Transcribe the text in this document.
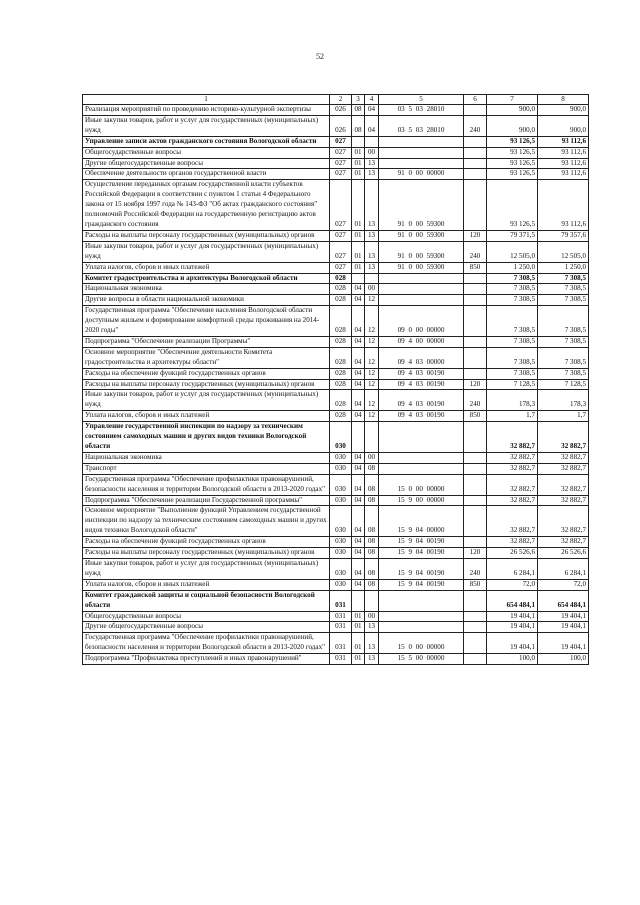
52
1	2	3	4	5	6	7	8
Реализация мероприятий по проведению историко-культурной экспертизы	026	08	04	03 5 03 28010		900,0	900,0
Иные закупки товаров, работ и услуг для государственных (муниципальных) нужд	026	08	04	03 5 03 28010	240	900,0	900,0
Управление записи актов гражданского состояния Вологодской области	027					93 126,5	93 112,6
Общегосударственные вопросы	027	01	00			93 126,5	93 112,6
Другие общегосударственные вопросы	027	01	13			93 126,5	93 112,6
Обеспечение деятельности органов государственной власти	027	01	13	91 0 00 00000		93 126,5	93 112,6
Осуществление переданных органам государственной власти субъектов Российской Федерации в соответствии с пунктом 1 статьи 4 Федерального закона от 15 ноября 1997 года № 143-ФЗ "Об актах гражданского состояния" полномочий Российской Федерации на государственную регистрацию актов гражданского состояния	027	01	13	91 0 00 59300		93 126,5	93 112,6
Расходы на выплаты персоналу государственных (муниципальных) органов	027	01	13	91 0 00 59300	120	79 371,5	79 357,6
Иные закупки товаров, работ и услуг для государственных (муниципальных) нужд	027	01	13	91 0 00 59300	240	12 505,0	12 505,0
Уплата налогов, сборов и иных платежей	027	01	13	91 0 00 59300	850	1 250,0	1 250,0
Комитет градостроительства и архитектуры Вологодской области	028					7 308,5	7 308,5
Национальная экономика	028	04	00			7 308,5	7 308,5
Другие вопросы в области национальной экономики	028	04	12			7 308,5	7 308,5
Государственная программа "Обеспечение населения Вологодской области доступным жильем и формирование комфортной среды проживания на 2014-2020 годы"	028	04	12	09 0 00 00000		7 308,5	7 308,5
Подпрограмма "Обеспечение реализации Программы"	028	04	12	09 4 00 00000		7 308,5	7 308,5
Основное мероприятие "Обеспечение деятельности Комитета градостроительства и архитектуры области"	028	04	12	09 4 03 00000		7 308,5	7 308,5
Расходы на обеспечение функций государственных органов	028	04	12	09 4 03 00190		7 308,5	7 308,5
Расходы на выплаты персоналу государственных (муниципальных) органов	028	04	12	09 4 03 00190	120	7 128,5	7 128,5
Иные закупки товаров, работ и услуг для государственных (муниципальных) нужд	028	04	12	09 4 03 00190	240	178,3	178,3
Уплата налогов, сборов и иных платежей	028	04	12	09 4 03 00190	850	1,7	1,7
Управление государственной инспекции по надзору за техническим состоянием самоходных машин и других видов техники Вологодской области	030					32 882,7	32 882,7
Национальная экономика	030	04	00			32 882,7	32 882,7
Транспорт	030	04	08			32 882,7	32 882,7
Государственная программа "Обеспечение профилактики правонарушений, безопасности населения и территории Вологодской области в 2013-2020 годах"	030	04	08	15 0 00 00000		32 882,7	32 882,7
Подпрограмма "Обеспечение реализации Государственной программы"	030	04	08	15 9 00 00000		32 882,7	32 882,7
Основное мероприятие "Выполнение функций Управлением государственной инспекции по надзору за техническим состоянием самоходных машин и других видов техники Вологодской области"	030	04	08	15 9 04 00000		32 882,7	32 882,7
Расходы на обеспечение функций государственных органов	030	04	08	15 9 04 00190		32 882,7	32 882,7
Расходы на выплаты персоналу государственных (муниципальных) органов	030	04	08	15 9 04 00190	120	26 526,6	26 526,6
Иные закупки товаров, работ и услуг для государственных (муниципальных) нужд	030	04	08	15 9 04 00190	240	6 284,1	6 284,1
Уплата налогов, сборов и иных платежей	030	04	08	15 9 04 00190	850	72,0	72,0
Комитет гражданской защиты и социальной безопасности Вологодской области	031					654 484,1	654 484,1
Общегосударственные вопросы	031	01	00			19 404,1	19 404,1
Другие общегосударственные вопросы	031	01	13			19 404,1	19 404,1
Государственная программа "Обеспечение профилактики правонарушений, безопасности населения и территории Вологодской области в 2013-2020 годах"	031	01	13	15 0 00 00000		19 404,1	19 404,1
Подпрограмма "Профилактика преступлений и иных правонарушений"	031	01	13	15 5 00 00000		100,0	100,0
